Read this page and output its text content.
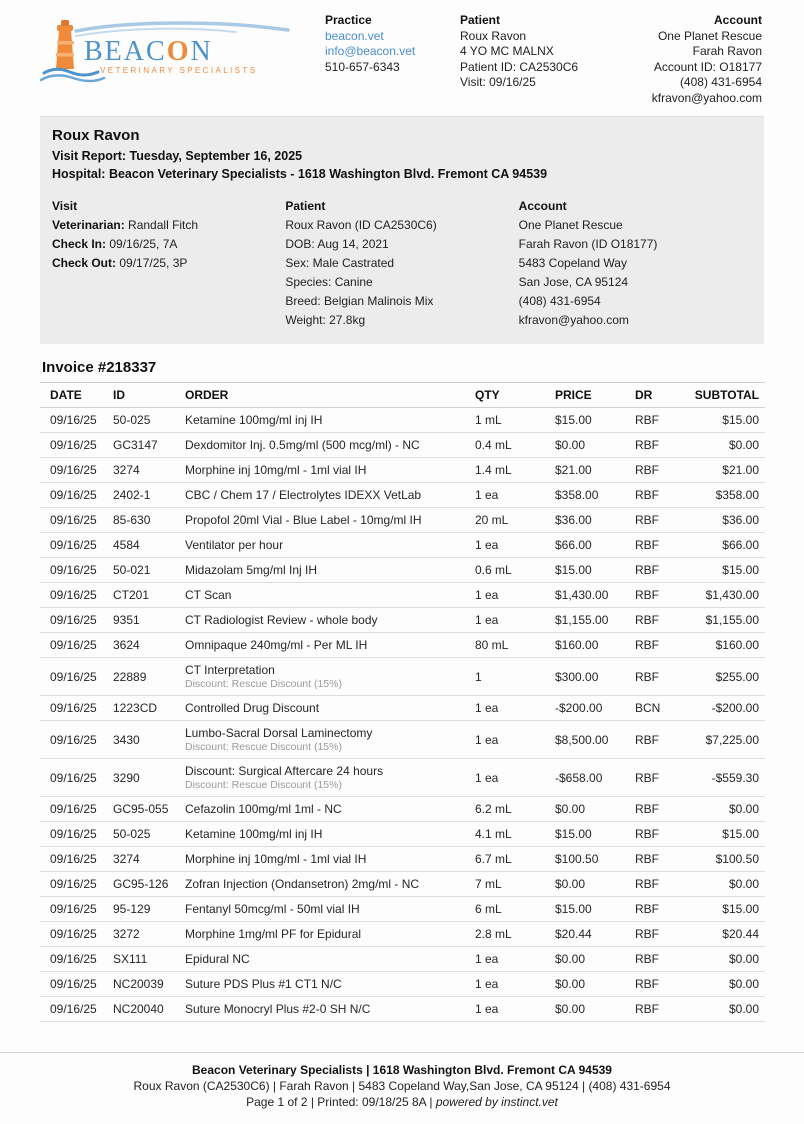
BEACON
VETERINARY SPECIALISTS
Practice
beacon.vet
info@beacon.vet
510-657-6343
Patient
Roux Ravon
4 YO MC MALNX
Patient ID: CA2530C6
Visit: 09/16/25
Account
One Planet Rescue
Farah Ravon
Account ID: O18177
(408) 431-6954
kfravon@yahoo.com
Roux Ravon
Visit Report: Tuesday, September 16, 2025
Hospital: Beacon Veterinary Specialists - 1618 Washington Blvd. Fremont CA 94539
Visit
Veterinarian: Randall Fitch
Check In: 09/16/25, 7A
Check Out: 09/17/25, 3P
Patient
Roux Ravon (ID CA2530C6)
DOB: Aug 14, 2021
Sex: Male Castrated
Species: Canine
Breed: Belgian Malinois Mix
Weight: 27.8kg
Account
One Planet Rescue
Farah Ravon (ID O18177)
5483 Copeland Way
San Jose, CA 95124
(408) 431-6954
kfravon@yahoo.com
Invoice #218337
DATE	ID	ORDER	QTY	PRICE	DR	SUBTOTAL
09/16/25	50-025	Ketamine 100mg/ml inj IH	1 mL	$15.00	RBF	$15.00
09/16/25	GC3147	Dexdomitor Inj. 0.5mg/ml (500 mcg/ml) - NC	0.4 mL	$0.00	RBF	$0.00
09/16/25	3274	Morphine inj 10mg/ml - 1ml vial IH	1.4 mL	$21.00	RBF	$21.00
09/16/25	2402-1	CBC / Chem 17 / Electrolytes IDEXX VetLab	1 ea	$358.00	RBF	$358.00
09/16/25	85-630	Propofol 20ml Vial - Blue Label - 10mg/ml IH	20 mL	$36.00	RBF	$36.00
09/16/25	4584	Ventilator per hour	1 ea	$66.00	RBF	$66.00
09/16/25	50-021	Midazolam 5mg/ml Inj IH	0.6 mL	$15.00	RBF	$15.00
09/16/25	CT201	CT Scan	1 ea	$1,430.00	RBF	$1,430.00
09/16/25	9351	CT Radiologist Review - whole body	1 ea	$1,155.00	RBF	$1,155.00
09/16/25	3624	Omnipaque 240mg/ml - Per ML IH	80 mL	$160.00	RBF	$160.00
09/16/25	22889	CT Interpretation
Discount: Rescue Discount (15%)	1	$300.00	RBF	$255.00
09/16/25	1223CD	Controlled Drug Discount	1 ea	-$200.00	BCN	-$200.00
09/16/25	3430	Lumbo-Sacral Dorsal Laminectomy
Discount: Rescue Discount (15%)	1 ea	$8,500.00	RBF	$7,225.00
09/16/25	3290	Discount: Surgical Aftercare 24 hours
Discount: Rescue Discount (15%)	1 ea	-$658.00	RBF	-$559.30
09/16/25	GC95-055	Cefazolin 100mg/ml 1ml - NC	6.2 mL	$0.00	RBF	$0.00
09/16/25	50-025	Ketamine 100mg/ml inj IH	4.1 mL	$15.00	RBF	$15.00
09/16/25	3274	Morphine inj 10mg/ml - 1ml vial IH	6.7 mL	$100.50	RBF	$100.50
09/16/25	GC95-126	Zofran Injection (Ondansetron) 2mg/ml - NC	7 mL	$0.00	RBF	$0.00
09/16/25	95-129	Fentanyl 50mcg/ml - 50ml vial IH	6 mL	$15.00	RBF	$15.00
09/16/25	3272	Morphine 1mg/ml PF for Epidural	2.8 mL	$20.44	RBF	$20.44
09/16/25	SX111	Epidural NC	1 ea	$0.00	RBF	$0.00
09/16/25	NC20039	Suture PDS Plus #1 CT1 N/C	1 ea	$0.00	RBF	$0.00
09/16/25	NC20040	Suture Monocryl Plus #2-0 SH N/C	1 ea	$0.00	RBF	$0.00
Beacon Veterinary Specialists | 1618 Washington Blvd. Fremont CA 94539
Roux Ravon (CA2530C6) | Farah Ravon | 5483 Copeland Way,San Jose, CA 95124 | (408) 431-6954
Page 1 of 2 | Printed: 09/18/25 8A | powered by instinct.vet
